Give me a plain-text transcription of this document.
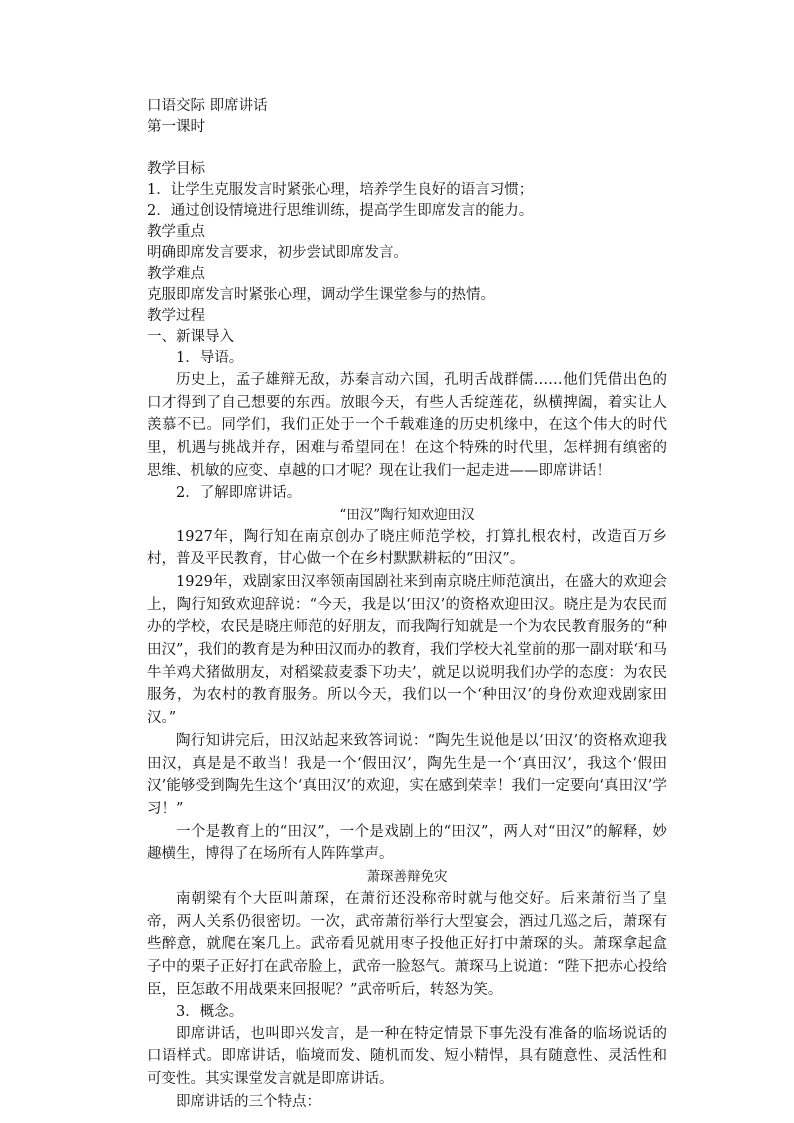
口语交际 即席讲话

第一课时

教学目标

1．让学生克服发言时紧张心理，培养学生良好的语言习惯；

2．通过创设情境进行思维训练，提高学生即席发言的能力。

教学重点

明确即席发言要求，初步尝试即席发言。

教学难点

克服即席发言时紧张心理，调动学生课堂参与的热情。

教学过程

一、新课导入

1．导语。

历史上，孟子雄辩无敌，苏秦言动六国，孔明舌战群儒……他们凭借出色的口才得到了自己想要的东西。放眼今天，有些人舌绽莲花，纵横捭阖，着实让人羡慕不已。同学们，我们正处于一个千载难逢的历史机缘中，在这个伟大的时代里，机遇与挑战并存，困难与希望同在！在这个特殊的时代里，怎样拥有缜密的思维、机敏的应变、卓越的口才呢？现在让我们一起走进——即席讲话！

2．了解即席讲话。

“田汉”陶行知欢迎田汉

1927年，陶行知在南京创办了晓庄师范学校，打算扎根农村，改造百万乡村，普及平民教育，甘心做一个在乡村默默耕耘的“田汉”。

1929年，戏剧家田汉率领南国剧社来到南京晓庄师范演出，在盛大的欢迎会上，陶行知致欢迎辞说：“今天，我是以‘田汉’的资格欢迎田汉。晓庄是为农民而办的学校，农民是晓庄师范的好朋友，而我陶行知就是一个为农民教育服务的“种田汉”，我们的教育是为种田汉而办的教育，我们学校大礼堂前的那一副对联‘和马牛羊鸡犬猪做朋友，对稻粱菽麦黍下功夫’，就足以说明我们办学的态度：为农民服务，为农村的教育服务。所以今天，我们以一个‘种田汉’的身份欢迎戏剧家田汉。”

陶行知讲完后，田汉站起来致答词说：“陶先生说他是以‘田汉’的资格欢迎我田汉，真是是不敢当！我是一个‘假田汉’，陶先生是一个‘真田汉’，我这个‘假田汉’能够受到陶先生这个‘真田汉’的欢迎，实在感到荣幸！我们一定要向‘真田汉’学习！”

一个是教育上的“田汉”，一个是戏剧上的“田汉”，两人对“田汉”的解释，妙趣横生，博得了在场所有人阵阵掌声。

萧琛善辩免灾

南朝梁有个大臣叫萧琛，在萧衍还没称帝时就与他交好。后来萧衍当了皇帝，两人关系仍很密切。一次，武帝萧衍举行大型宴会，酒过几巡之后，萧琛有些醉意，就爬在案几上。武帝看见就用枣子投他正好打中萧琛的头。萧琛拿起盒子中的栗子正好打在武帝脸上，武帝一脸怒气。萧琛马上说道：“陛下把赤心投给臣，臣怎敢不用战栗来回报呢？”武帝听后，转怒为笑。

3．概念。

即席讲话，也叫即兴发言，是一种在特定情景下事先没有准备的临场说话的口语样式。即席讲话，临境而发、随机而发、短小精悍，具有随意性、灵活性和可变性。其实课堂发言就是即席讲话。

即席讲话的三个特点：
